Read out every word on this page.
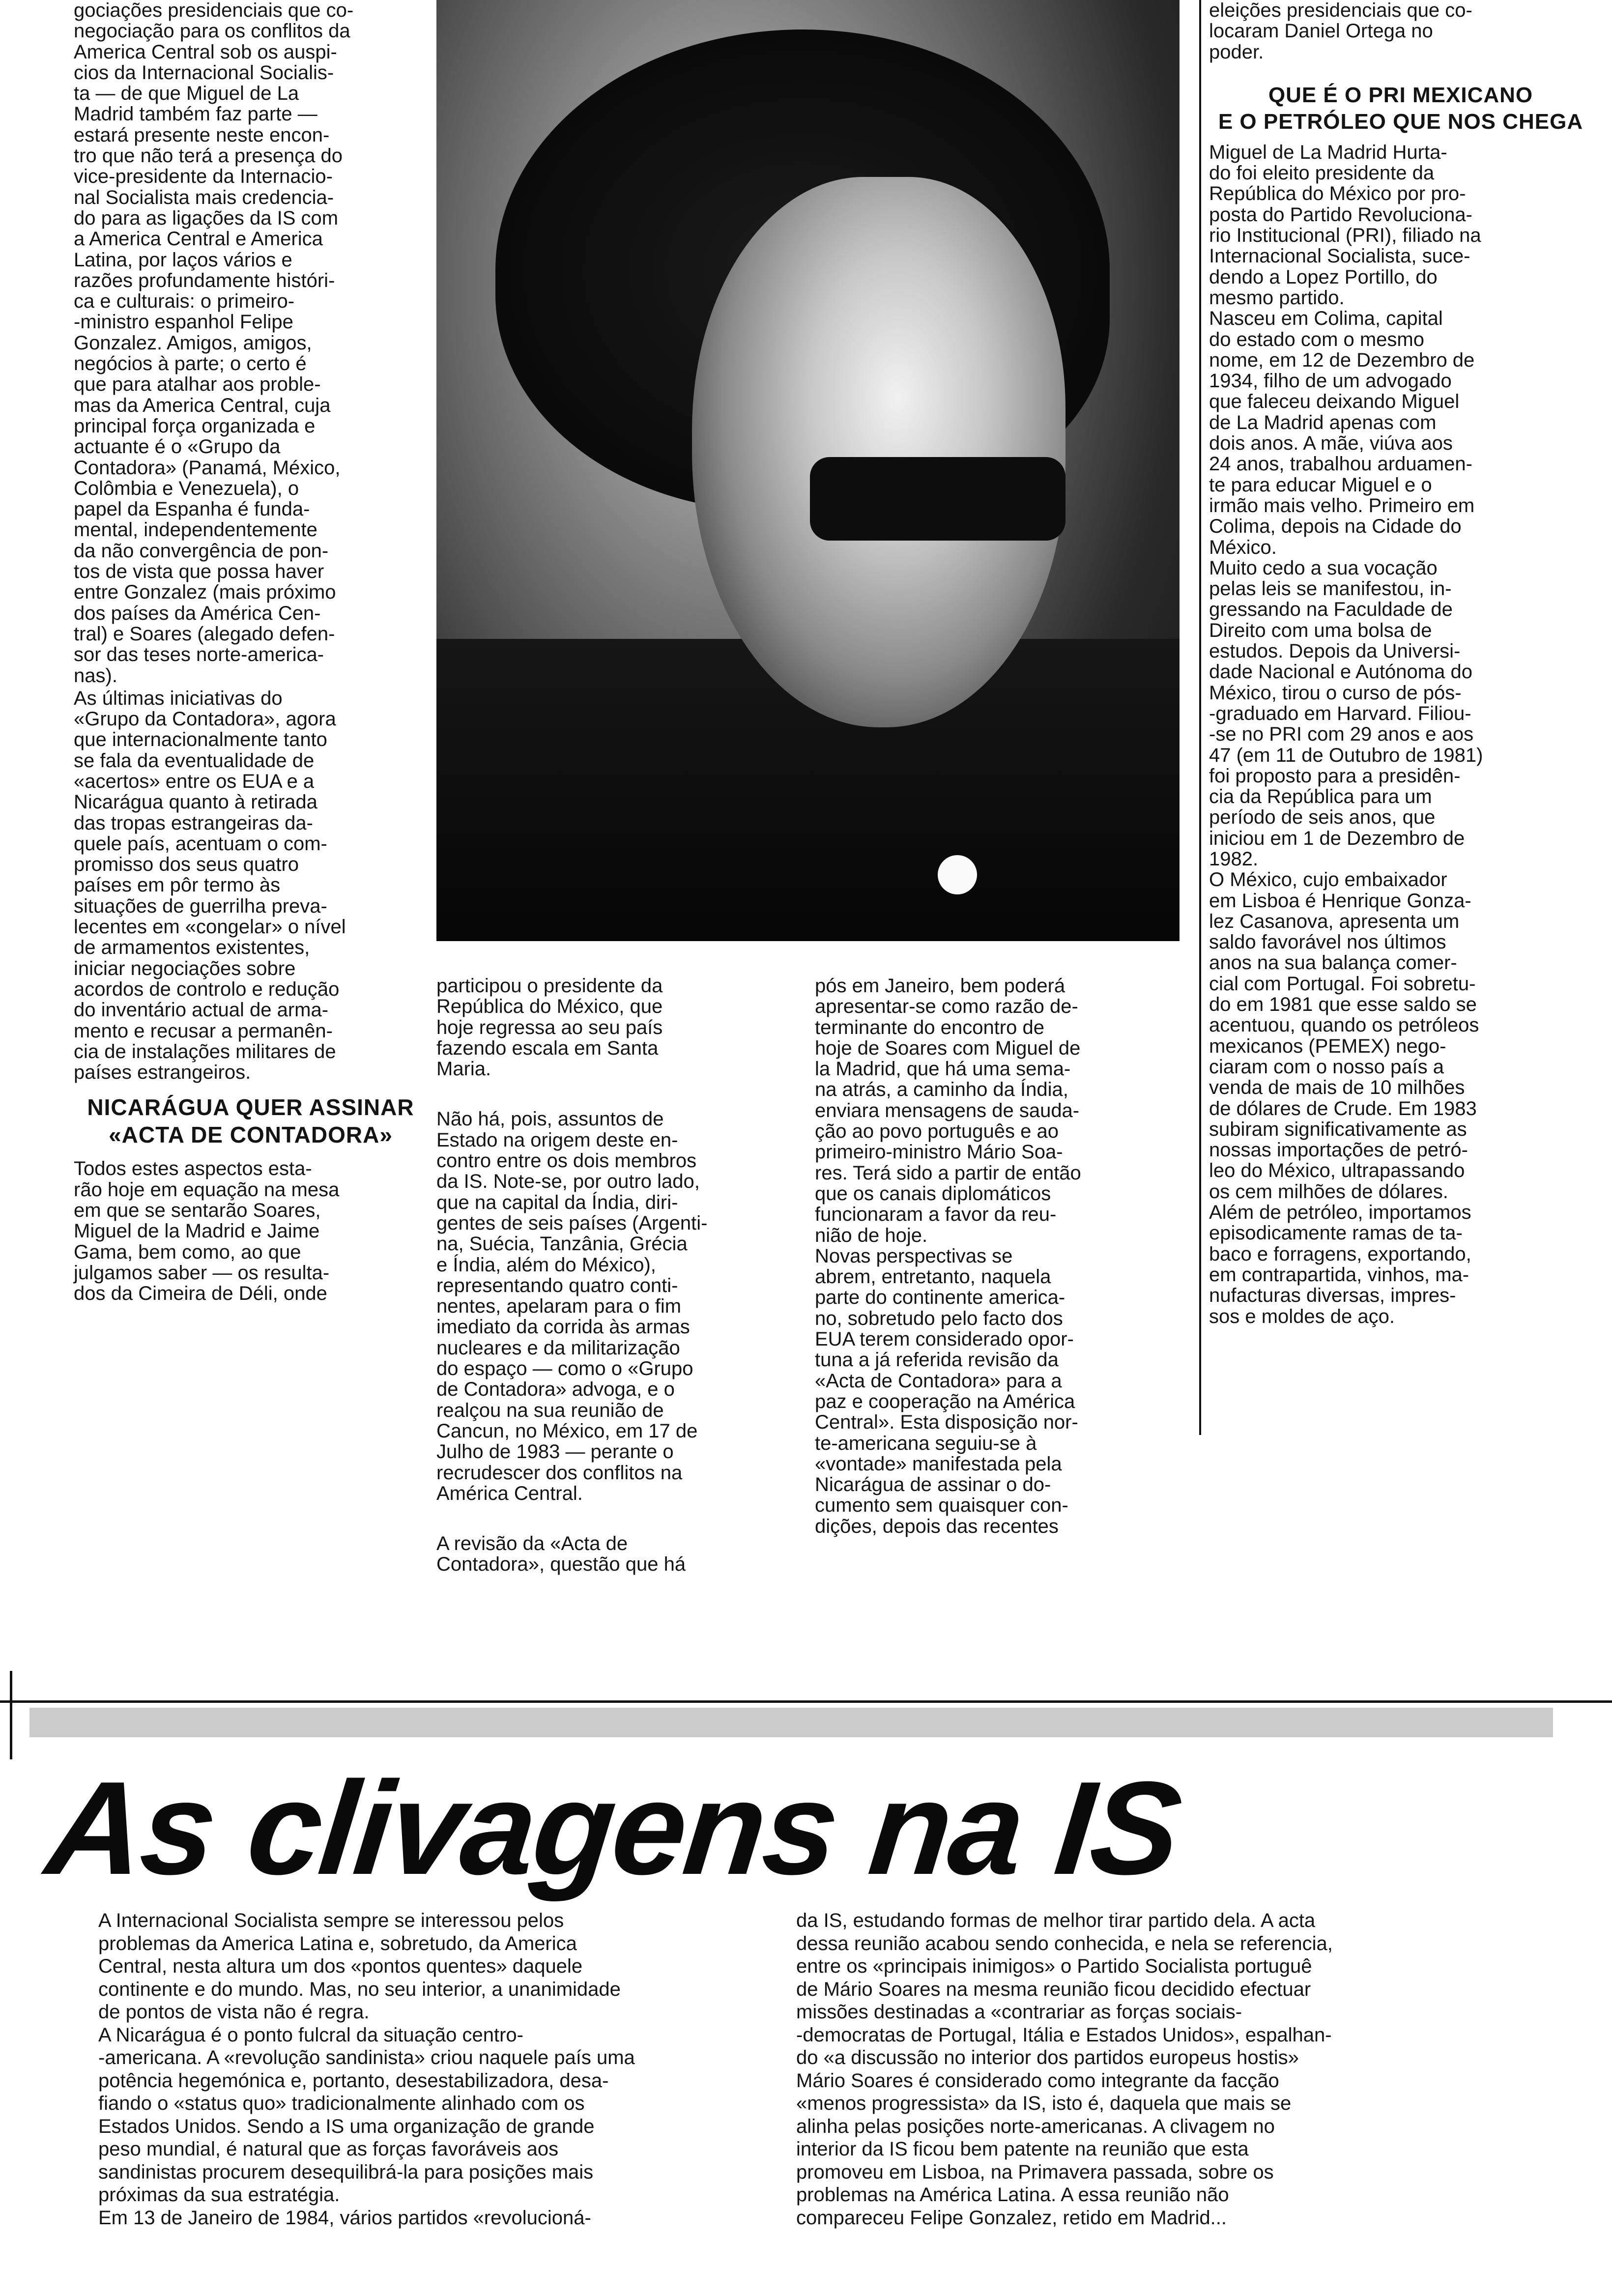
gociações presidenciais que co-

negociação para os conflitos da

America Central sob os auspi-

cios da Internacional Socialis-

ta — de que Miguel de La

Madrid também faz parte —

estará presente neste encon-

tro que não terá a presença do

vice-presidente da Internacio-

nal Socialista mais credencia-

do para as ligações da IS com

a America Central e America

Latina, por laços vários e

razões profundamente históri-

ca e culturais: o primeiro-

-ministro espanhol Felipe

Gonzalez. Amigos, amigos,

negócios à parte; o certo é

que para atalhar aos proble-

mas da America Central, cuja

principal força organizada e

actuante é o «Grupo da

Contadora» (Panamá, México,

Colômbia e Venezuela), o

papel da Espanha é funda-

mental, independentemente

da não convergência de pon-

tos de vista que possa haver

entre Gonzalez (mais próximo

dos países da América Cen-

tral) e Soares (alegado defen-

sor das teses norte-america-

nas).

As últimas iniciativas do

«Grupo da Contadora», agora

que internacionalmente tanto

se fala da eventualidade de

«acertos» entre os EUA e a

Nicarágua quanto à retirada

das tropas estrangeiras da-

quele país, acentuam o com-

promisso dos seus quatro

países em pôr termo às

situações de guerrilha preva-

lecentes em «congelar» o nível

de armamentos existentes,

iniciar negociações sobre

acordos de controlo e redução

do inventário actual de arma-

mento e recusar a permanên-

cia de instalações militares de

países estrangeiros.

NICARÁGUA QUER ASSINAR
«ACTA DE CONTADORA»

Todos estes aspectos esta-

rão hoje em equação na mesa

em que se sentarão Soares,

Miguel de la Madrid e Jaime

Gama, bem como, ao que

julgamos saber — os resulta-

dos da Cimeira de Déli, onde

participou o presidente da

República do México, que

hoje regressa ao seu país

fazendo escala em Santa

Maria.

Não há, pois, assuntos de

Estado na origem deste en-

contro entre os dois membros

da IS. Note-se, por outro lado,

que na capital da Índia, diri-

gentes de seis países (Argenti-

na, Suécia, Tanzânia, Grécia

e Índia, além do México),

representando quatro conti-

nentes, apelaram para o fim

imediato da corrida às armas

nucleares e da militarização

do espaço — como o «Grupo

de Contadora» advoga, e o

realçou na sua reunião de

Cancun, no México, em 17 de

Julho de 1983 — perante o

recrudescer dos conflitos na

América Central.

A revisão da «Acta de

Contadora», questão que há

pós em Janeiro, bem poderá

apresentar-se como razão de-

terminante do encontro de

hoje de Soares com Miguel de

la Madrid, que há uma sema-

na atrás, a caminho da Índia,

enviara mensagens de sauda-

ção ao povo português e ao

primeiro-ministro Mário Soa-

res. Terá sido a partir de então

que os canais diplomáticos

funcionaram a favor da reu-

nião de hoje.

Novas perspectivas se

abrem, entretanto, naquela

parte do continente america-

no, sobretudo pelo facto dos

EUA terem considerado opor-

tuna a já referida revisão da

«Acta de Contadora» para a

paz e cooperação na América

Central». Esta disposição nor-

te-americana seguiu-se à

«vontade» manifestada pela

Nicarágua de assinar o do-

cumento sem quaisquer con-

dições, depois das recentes

eleições presidenciais que co-

locaram Daniel Ortega no

poder.

QUE É O PRI MEXICANO
E O PETRÓLEO QUE NOS CHEGA

Miguel de La Madrid Hurta-

do foi eleito presidente da

República do México por pro-

posta do Partido Revoluciona-

rio Institucional (PRI), filiado na

Internacional Socialista, suce-

dendo a Lopez Portillo, do

mesmo partido.

Nasceu em Colima, capital

do estado com o mesmo

nome, em 12 de Dezembro de

1934, filho de um advogado

que faleceu deixando Miguel

de La Madrid apenas com

dois anos. A mãe, viúva aos

24 anos, trabalhou arduamen-

te para educar Miguel e o

irmão mais velho. Primeiro em

Colima, depois na Cidade do

México.

Muito cedo a sua vocação

pelas leis se manifestou, in-

gressando na Faculdade de

Direito com uma bolsa de

estudos. Depois da Universi-

dade Nacional e Autónoma do

México, tirou o curso de pós-

-graduado em Harvard. Filiou-

-se no PRI com 29 anos e aos

47 (em 11 de Outubro de 1981)

foi proposto para a presidên-

cia da República para um

período de seis anos, que

iniciou em 1 de Dezembro de

1982.

O México, cujo embaixador

em Lisboa é Henrique Gonza-

lez Casanova, apresenta um

saldo favorável nos últimos

anos na sua balança comer-

cial com Portugal. Foi sobretu-

do em 1981 que esse saldo se

acentuou, quando os petróleos

mexicanos (PEMEX) nego-

ciaram com o nosso país a

venda de mais de 10 milhões

de dólares de Crude. Em 1983

subiram significativamente as

nossas importações de petró-

leo do México, ultrapassando

os cem milhões de dólares.

Além de petróleo, importamos

episodicamente ramas de ta-

baco e forragens, exportando,

em contrapartida, vinhos, ma-

nufacturas diversas, impres-

sos e moldes de aço.

As clivagens na IS

A Internacional Socialista sempre se interessou pelos

problemas da America Latina e, sobretudo, da America

Central, nesta altura um dos «pontos quentes» daquele

continente e do mundo. Mas, no seu interior, a unanimidade

de pontos de vista não é regra.

A Nicarágua é o ponto fulcral da situação centro-

-americana. A «revolução sandinista» criou naquele país uma

potência hegemónica e, portanto, desestabilizadora, desa-

fiando o «status quo» tradicionalmente alinhado com os

Estados Unidos. Sendo a IS uma organização de grande

peso mundial, é natural que as forças favoráveis aos

sandinistas procurem desequilibrá-la para posições mais

próximas da sua estratégia.

Em 13 de Janeiro de 1984, vários partidos «revolucioná-

da IS, estudando formas de melhor tirar partido dela. A acta

dessa reunião acabou sendo conhecida, e nela se referencia,

entre os «principais inimigos» o Partido Socialista portuguê

de Mário Soares na mesma reunião ficou decidido efectuar

missões destinadas a «contrariar as forças sociais-

-democratas de Portugal, Itália e Estados Unidos», espalhan-

do «a discussão no interior dos partidos europeus hostis»

Mário Soares é considerado como integrante da facção

«menos progressista» da IS, isto é, daquela que mais se

alinha pelas posições norte-americanas. A clivagem no

interior da IS ficou bem patente na reunião que esta

promoveu em Lisboa, na Primavera passada, sobre os

problemas na América Latina. A essa reunião não

compareceu Felipe Gonzalez, retido em Madrid...
